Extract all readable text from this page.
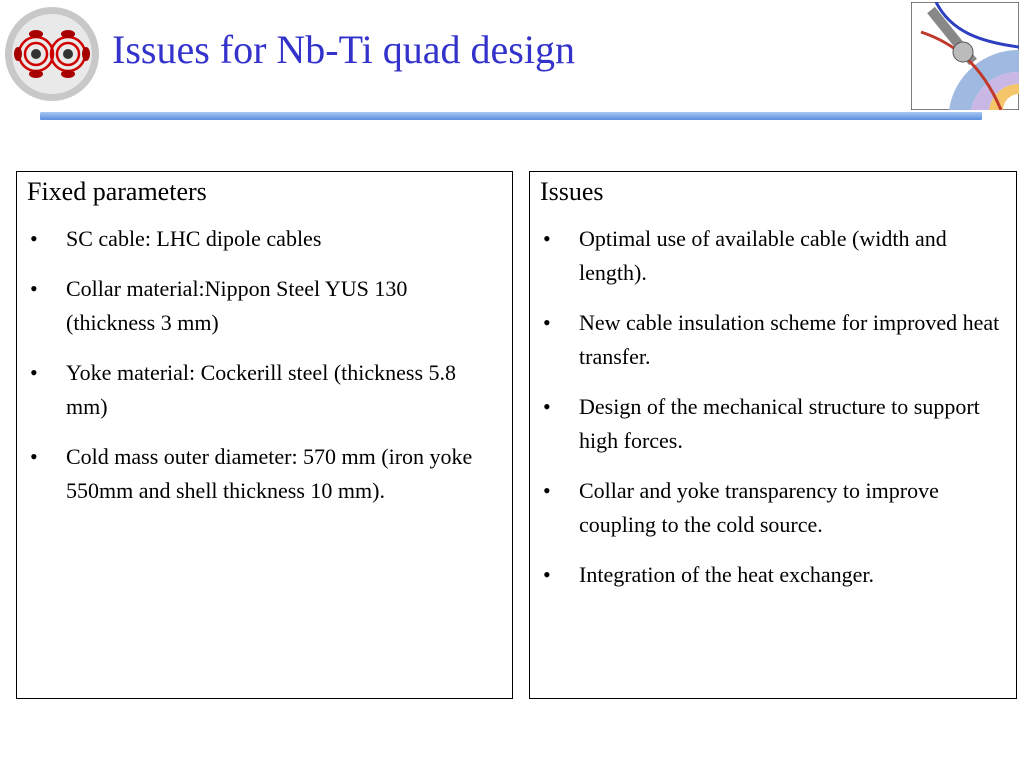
Issues for Nb-Ti quad design
Fixed parameters
• SC cable: LHC dipole cables
• Collar material:Nippon Steel YUS 130 (thickness 3 mm)
• Yoke material: Cockerill steel (thickness 5.8 mm)
• Cold mass outer diameter: 570 mm (iron yoke 550mm and shell thickness 10 mm).
Issues
• Optimal use of available cable (width and length).
• New cable insulation scheme for improved heat transfer.
• Design of the mechanical structure to support high forces.
• Collar and yoke transparency to improve coupling to the cold source.
• Integration of the heat exchanger.
